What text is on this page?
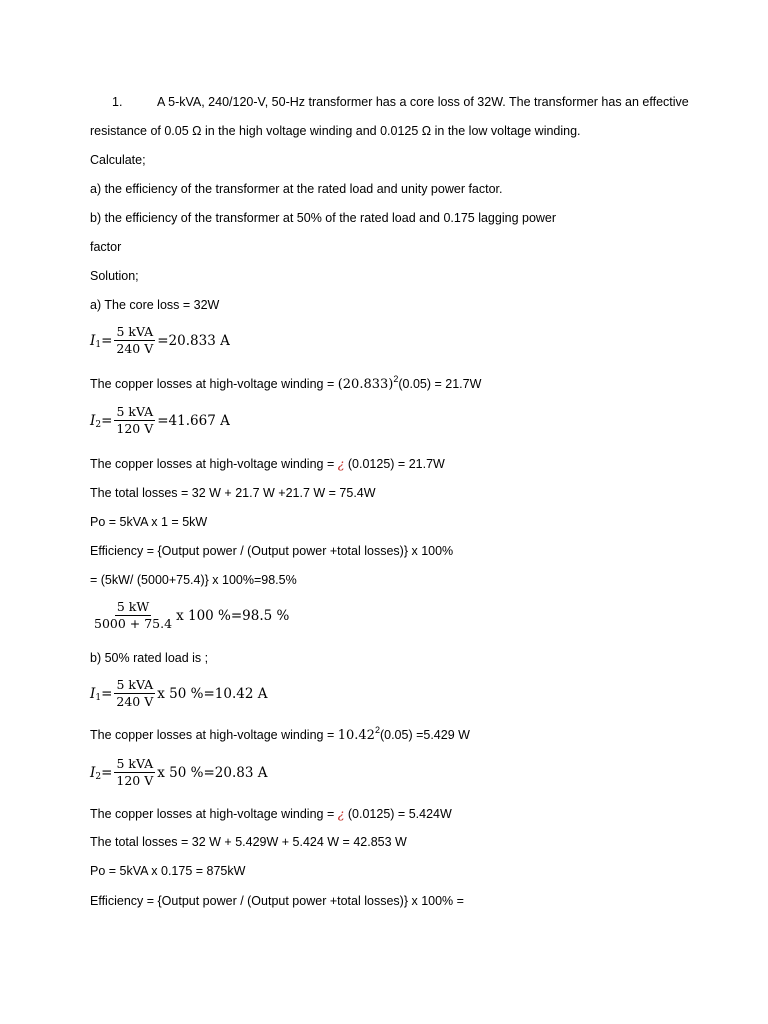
1.	A 5-kVA, 240/120-V, 50-Hz transformer has a core loss of 32W. The transformer has an effective
resistance of 0.05 Ω in the high voltage winding and 0.0125 Ω in the low voltage winding.
Calculate;
a) the efficiency of the transformer at the rated load and unity power factor.
b) the efficiency of the transformer at 50% of the rated load and 0.175 lagging power
factor
Solution;
a) The core loss = 32W
I $1 = \frac{\text{5 kVA}}{240 V} =20.833$ A
The copper losses at high-voltage winding = $(20.833)^2(0.05) = 21.7W$
I $2 = \frac{\text{5 kVA}}{120 V} =41.667$ A
The copper losses at high-voltage winding = ¿ (0.0125) = 21.7W
The total losses = 32 W + 21.7 W +21.7 W = 75.4W
Po = 5kVA x 1 = 5kW
Efficiency = {Output power / (Output power +total losses)} x 100%
= (5kW/ (5000+75.4)} x 100%=98.5%
$\frac{5 kW}{5000 + 75.4}$ x 100 %=98.5 %
b) 50% rated load is ;
I $1 = \frac{\text{5 kVA}}{240 V}$ x 50 %=10.42 A
The copper losses at high-voltage winding = $10.42^2(0.05) =5.429$ W
I $2 = \frac{\text{5 kVA}}{120 V}$ x 50 %=20.83 A
The copper losses at high-voltage winding = ¿ (0.0125) = 5.424W
The total losses = 32 W + 5.429W + 5.424 W = 42.853 W
Po = 5kVA x 0.175 = 875kW
Efficiency = {Output power / (Output power +total losses)} x 100% =
